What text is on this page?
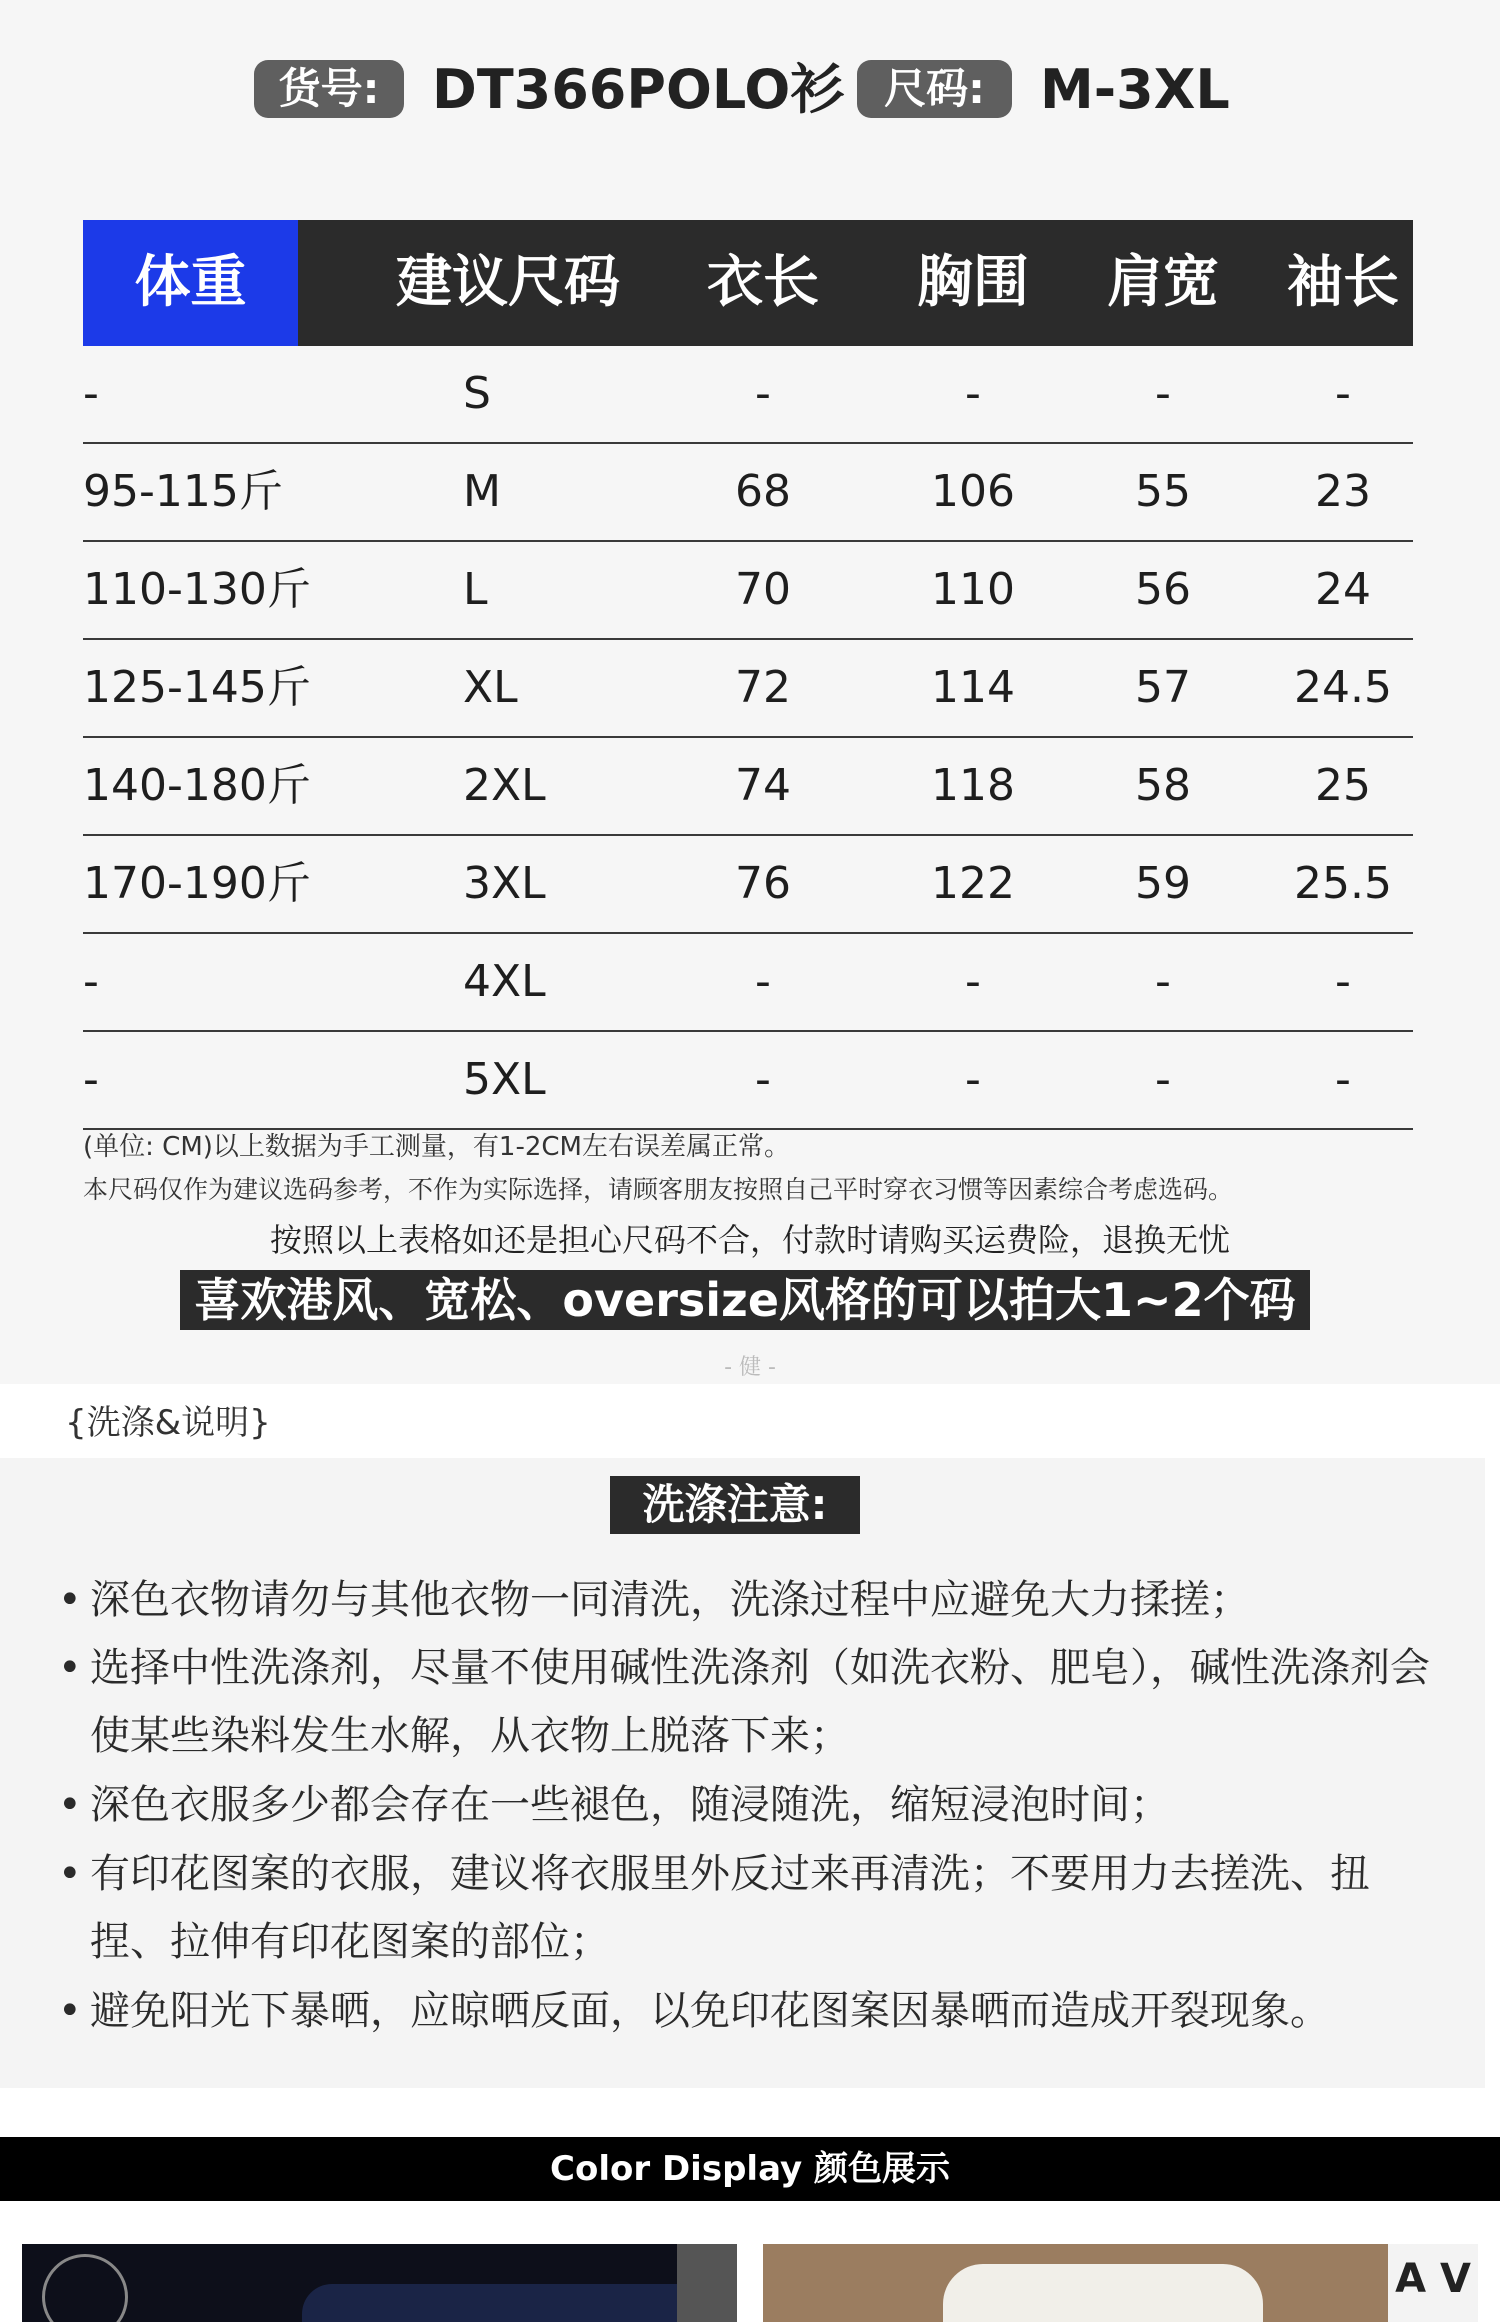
货号: DT366POLO衫 尺码:	M-3XL
体重	建议尺码	衣长	胸围	肩宽	袖长
-	S	-	-	-	-
95-115斤	M	68	106	55	23
110-130斤	L	70	110	56	24
125-145斤	XL	72	114	57	24.5
140-180斤	2XL	74	118	58	25
170-190斤	3XL	76	122	59	25.5
-	4XL	-	-	-	-
-	5XL	-	-	-	-
(单位: CM)以上数据为手工测量，有1-2CM左右误差属正常。
本尺码仅作为建议选码参考，不作为实际选择，请顾客朋友按照自己平时穿衣习惯等因素综合考虑选码。
按照以上表格如还是担心尺码不合，付款时请购买运费险，退换无忧
喜欢港风、宽松、oversize风格的可以拍大1~2个码
- 健 -
{洗涤&说明}
洗涤注意:
• 深色衣物请勿与其他衣物一同清洗，洗涤过程中应避免大力揉搓；
• 选择中性洗涤剂，尽量不使用碱性洗涤剂（如洗衣粉、肥皂），碱性洗涤剂会使某些染料发生水解，从衣物上脱落下来；
• 深色衣服多少都会存在一些褪色，随浸随洗，缩短浸泡时间；
• 有印花图案的衣服，建议将衣服里外反过来再清洗；不要用力去搓洗、扭捏、拉伸有印花图案的部位；
• 避免阳光下暴晒，应晾晒反面，以免印花图案因暴晒而造成开裂现象。
Color Display 颜色展示
A V
